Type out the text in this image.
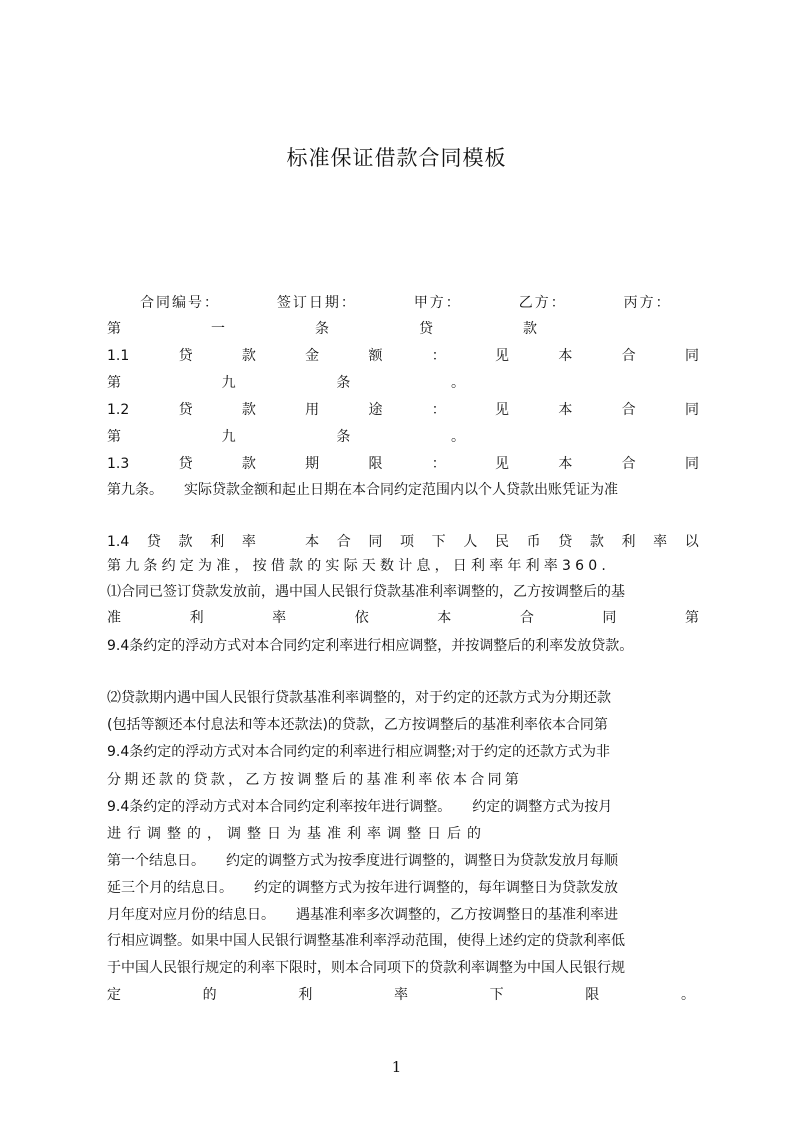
标准保证借款合同模板
合同编号：	签订日期：	甲方：	乙方：	丙方：
第	一	条	贷	款
1.1	贷	款	金	额	：	见	本	合	同
第	九	条	。
1.2	贷	款	用	途	：	见	本	合	同
第	九	条	。
1.3	贷	款	期	限	：	见	本	合	同
第九条。　　实际贷款金额和起止日期在本合同约定范围内以个人贷款出账凭证为准
1.4 贷 款 利 率
　	本 合 同 项 下 人 民 币 贷 款 利 率 以
第九条约定为准，按借款的实际天数计息，日利率年利率360.
⑴合同已签订贷款发放前，遇中国人民银行贷款基准利率调整的，乙方按调整后的基
准	利	率	依	本	合	同	第
9.4条约定的浮动方式对本合同约定利率进行相应调整，并按调整后的利率发放贷款。
⑵贷款期内遇中国人民银行贷款基准利率调整的，对于约定的还款方式为分期还款
(包括等额还本付息法和等本还款法)的贷款，乙方按调整后的基准利率依本合同第
9.4条约定的浮动方式对本合同约定的利率进行相应调整;对于约定的还款方式为非
分期还款的贷款，乙方按调整后的基准利率依本合同第
9.4条约定的浮动方式对本合同约定利率按年进行调整。　　约定的调整方式为按月
进行调整的，调整日为基准利率调整日后的
第一个结息日。　　约定的调整方式为按季度进行调整的，调整日为贷款发放月每顺
延三个月的结息日。　　约定的调整方式为按年进行调整的，每年调整日为贷款发放
月年度对应月份的结息日。　　遇基准利率多次调整的，乙方按调整日的基准利率进
行相应调整。如果中国人民银行调整基准利率浮动范围，使得上述约定的贷款利率低
于中国人民银行规定的利率下限时，则本合同项下的贷款利率调整为中国人民银行规
定	的	利	率	下	限	。
1
